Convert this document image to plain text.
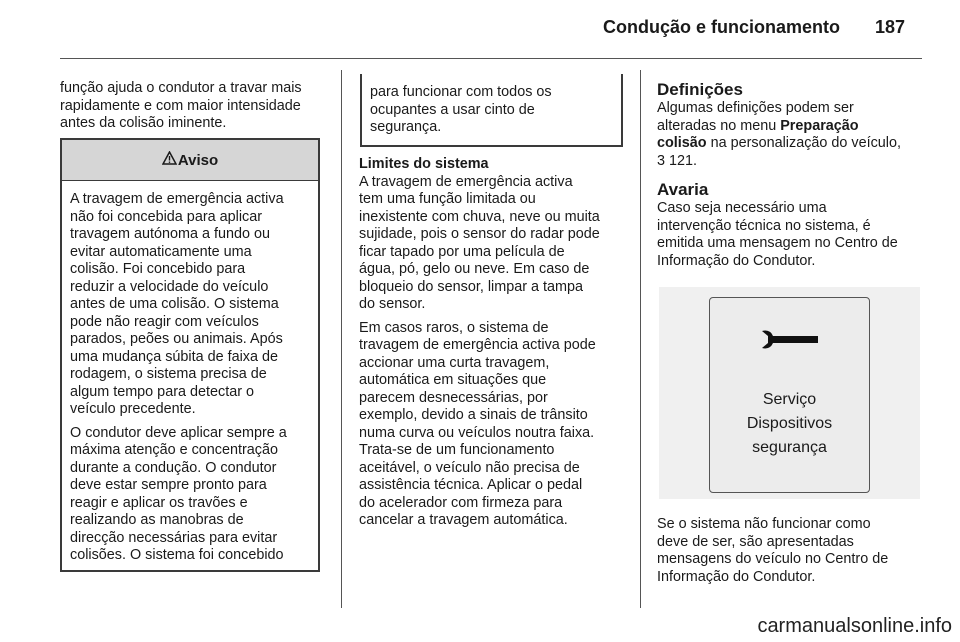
Condução e funcionamento 187
função ajuda o condutor a travar mais
rapidamente e com maior intensidade
antes da colisão iminente.
Aviso

A travagem de emergência activa
não foi concebida para aplicar
travagem autónoma a fundo ou
evitar automaticamente uma
colisão. Foi concebido para
reduzir a velocidade do veículo
antes de uma colisão. O sistema
pode não reagir com veículos
parados, peões ou animais. Após
uma mudança súbita de faixa de
rodagem, o sistema precisa de
algum tempo para detectar o
veículo precedente.

O condutor deve aplicar sempre a
máxima atenção e concentração
durante a condução. O condutor
deve estar sempre pronto para
reagir e aplicar os travões e
realizando as manobras de
direcção necessárias para evitar
colisões. O sistema foi concebido

para funcionar com todos os
ocupantes a usar cinto de
segurança.
Limites do sistema

A travagem de emergência activa
tem uma função limitada ou
inexistente com chuva, neve ou muita
sujidade, pois o sensor do radar pode
ficar tapado por uma película de
água, pó, gelo ou neve. Em caso de
bloqueio do sensor, limpar a tampa
do sensor.

Em casos raros, o sistema de
travagem de emergência activa pode
accionar uma curta travagem,
automática em situações que
parecem desnecessárias, por
exemplo, devido a sinais de trânsito
numa curva ou veículos noutra faixa.
Trata-se de um funcionamento
aceitável, o veículo não precisa de
assistência técnica. Aplicar o pedal
do acelerador com firmeza para
cancelar a travagem automática.

Definições

Algumas definições podem ser
alteradas no menu Preparação
colisão na personalização do veículo,
3 121.

Avaria

Caso seja necessário uma
intervenção técnica no sistema, é
emitida uma mensagem no Centro de
Informação do Condutor.

Serviço
Dispositivos
segurança
Se o sistema não funcionar como
deve de ser, são apresentadas
mensagens do veículo no Centro de
Informação do Condutor.
carmanualsonline.info
